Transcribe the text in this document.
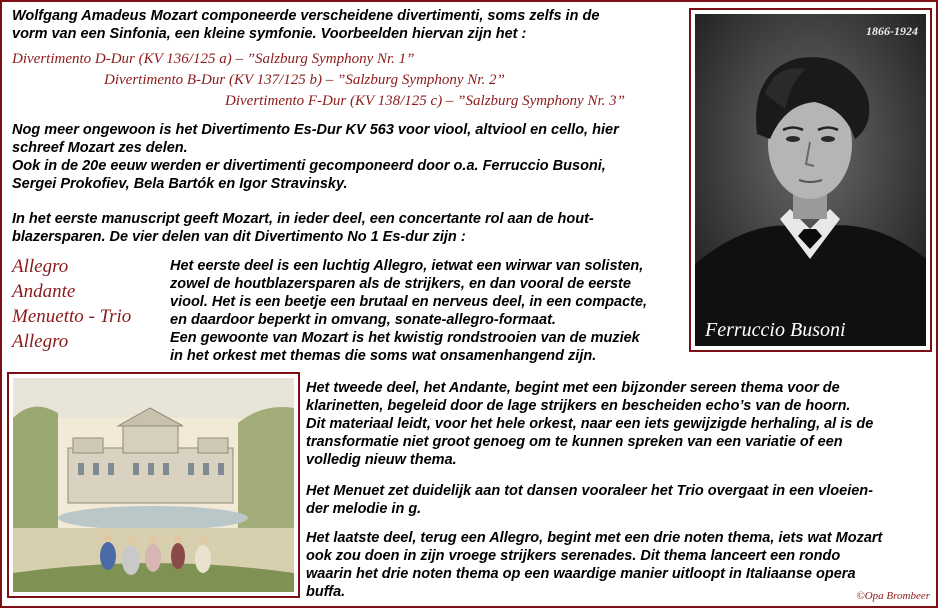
Wolfgang Amadeus Mozart componeerde verscheidene divertimenti, soms zelfs in de

vorm van een Sinfonia, een kleine symfonie. Voorbeelden hiervan zijn het :

Divertimento D-Dur (KV 136/125 a) – ”Salzburg Symphony Nr. 1”

Divertimento B-Dur (KV 137/125 b) – ”Salzburg Symphony Nr. 2”

Divertimento F-Dur (KV 138/125 c) – ”Salzburg Symphony Nr. 3”

Nog meer ongewoon is het Divertimento Es-Dur KV 563 voor viool, altviool en cello, hier

schreef Mozart zes delen.

Ook in de 20e eeuw werden er divertimenti gecomponeerd door o.a. Ferruccio Busoni,

Sergei Prokofiev, Bela Bartók en Igor Stravinsky.

In het eerste manuscript geeft Mozart, in ieder deel, een concertante rol aan de hout-

blazersparen. De vier delen van dit Divertimento No 1 Es-dur zijn :

Allegro

Andante

Menuetto - Trio

Allegro

Het eerste deel is een luchtig Allegro, ietwat een wirwar van solisten,

zowel de houtblazersparen als de strijkers, en dan vooral de eerste

viool. Het is een beetje een brutaal en nerveus deel, in een compacte,

en daardoor beperkt in omvang, sonate-allegro-formaat.

Een gewoonte van Mozart is het kwistig rondstrooien van de muziek

in het orkest met themas die soms wat onsamenhangend zijn.

1866-1924
Ferruccio Busoni

Het tweede deel, het Andante, begint met een bijzonder sereen thema voor de

klarinetten, begeleid door de lage strijkers en bescheiden echo’s van de hoorn.

Dit materiaal leidt, voor het hele orkest, naar een iets gewijzigde herhaling, al is de

transformatie niet groot genoeg om te kunnen spreken van een variatie of een

volledig nieuw thema.

Het Menuet zet duidelijk aan tot dansen vooraleer het Trio overgaat in een vloeien-

der melodie in g.

Het laatste deel, terug een Allegro, begint met een drie noten thema, iets wat Mozart

ook zou doen in zijn vroege strijkers serenades. Dit thema lanceert een rondo

waarin het drie noten thema op een waardige manier uitloopt in Italiaanse opera

buffa.	©Opa Brombeer
